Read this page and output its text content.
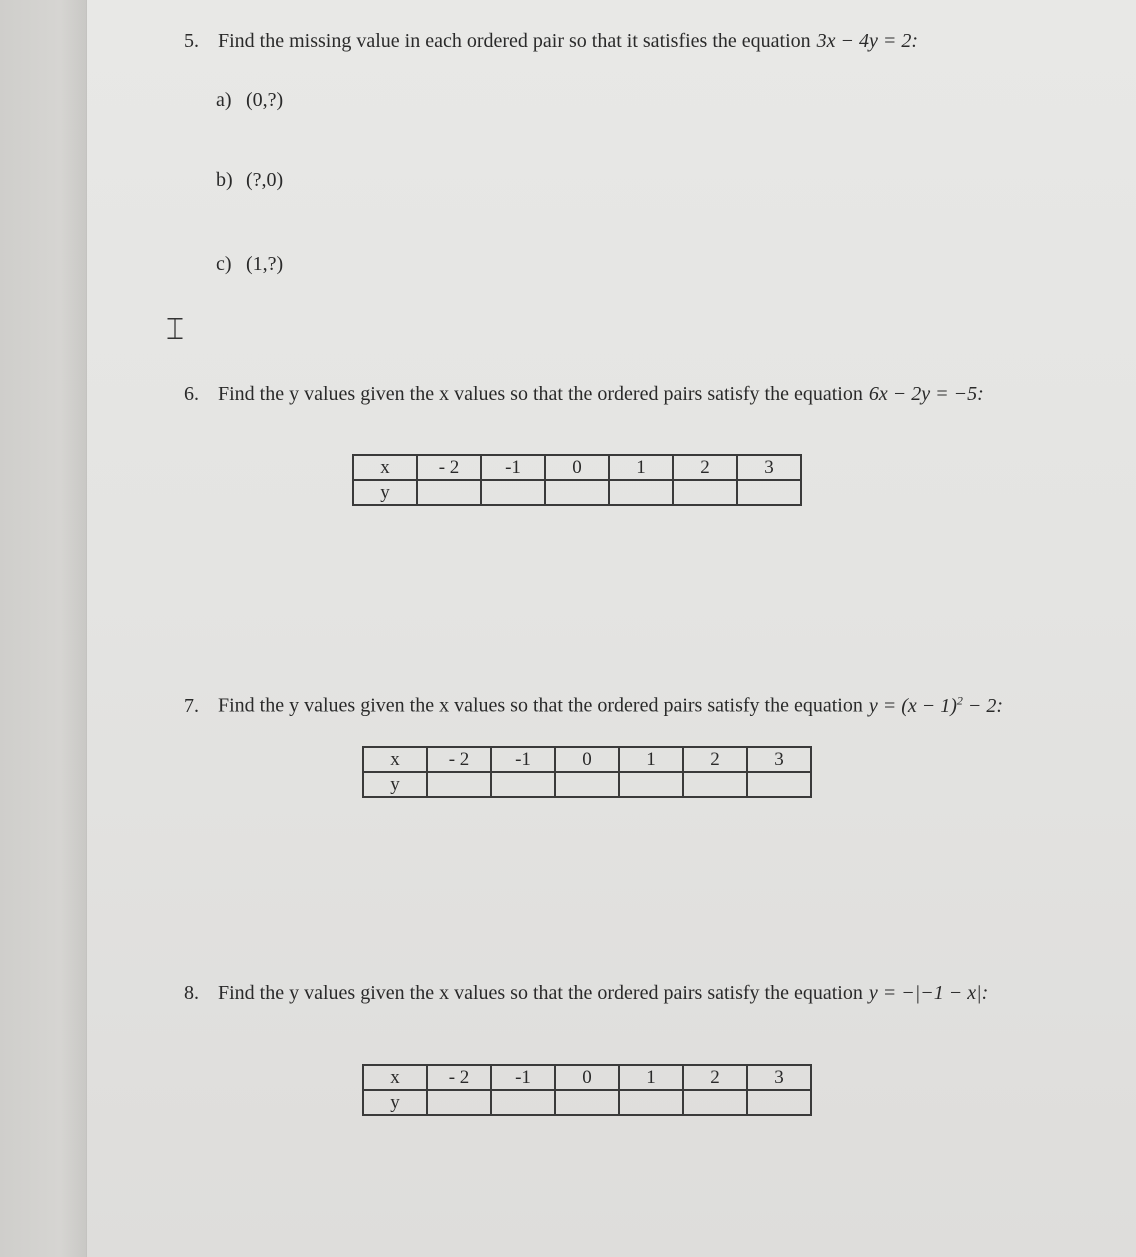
5. Find the missing value in each ordered pair so that it satisfies the equation 3x − 4y = 2:
a) (0,?)
b) (?,0)
c) (1,?)
⌶
6. Find the y values given the x values so that the ordered pairs satisfy the equation 6x − 2y = −5:
x	- 2	-1	0	1	2	3
y						
7. Find the y values given the x values so that the ordered pairs satisfy the equation $y = (x - 1)^2 - 2$:
x	- 2	-1	0	1	2	3
y						
8. Find the y values given the x values so that the ordered pairs satisfy the equation y = −|−1 − x|:
x	- 2	-1	0	1	2	3
y						
